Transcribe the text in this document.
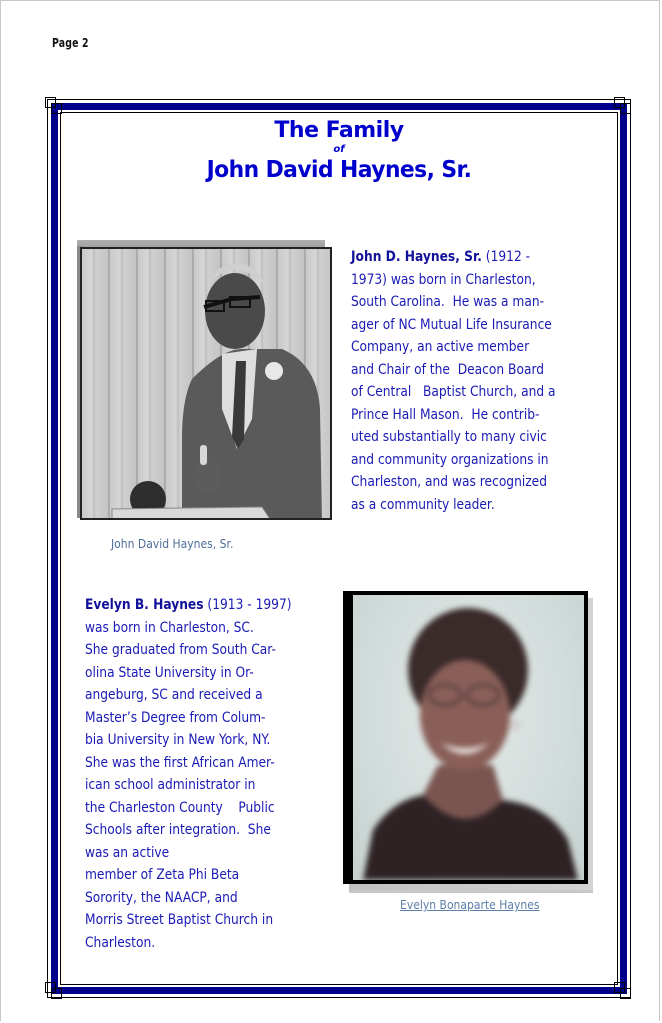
Page 2
The Family
of
John David Haynes, Sr.
John David Haynes, Sr.
John D. Haynes, Sr. (1912 -
1973) was born in Charleston,
South Carolina.  He was a man-
ager of NC Mutual Life Insurance
Company, an active member
and Chair of the  Deacon Board
of Central   Baptist Church, and a
Prince Hall Mason.  He contrib-
uted substantially to many civic
and community organizations in
Charleston, and was recognized
as a community leader.
Evelyn B. Haynes (1913 - 1997)
was born in Charleston, SC.
She graduated from South Car-
olina State University in Or-
angeburg, SC and received a
Master’s Degree from Colum-
bia University in New York, NY.
She was the first African Amer-
ican school administrator in
the Charleston County    Public
Schools after integration.  She
was an active
member of Zeta Phi Beta
Sorority, the NAACP, and
Morris Street Baptist Church in
Charleston.
Evelyn Bonaparte Haynes
